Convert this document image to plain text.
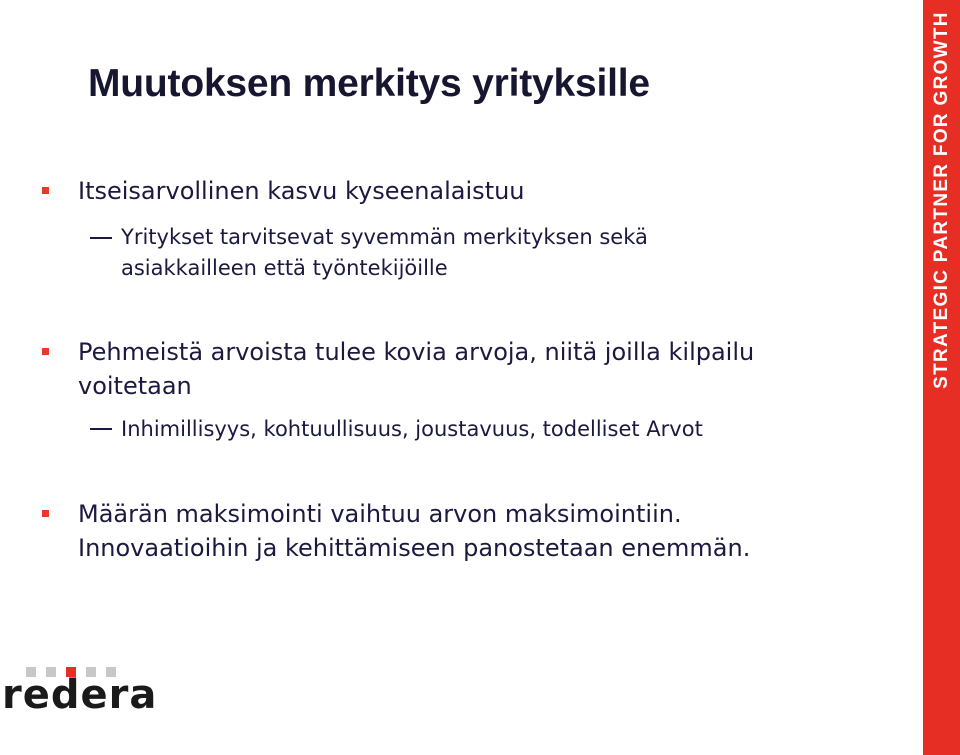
Muutoksen merkitys yrityksille
Itseisarvollinen kasvu kyseenalaistuu
Yritykset tarvitsevat syvemmän merkityksen sekä
asiakkailleen että työntekijöille
Pehmeistä arvoista tulee kovia arvoja, niitä joilla kilpailu
voitetaan
Inhimillisyys, kohtuullisuus, joustavuus, todelliset Arvot
Määrän maksimointi vaihtuu arvon maksimointiin.
Innovaatioihin ja kehittämiseen panostetaan enemmän.
STRATEGIC PARTNER FOR GROWTH
redera
